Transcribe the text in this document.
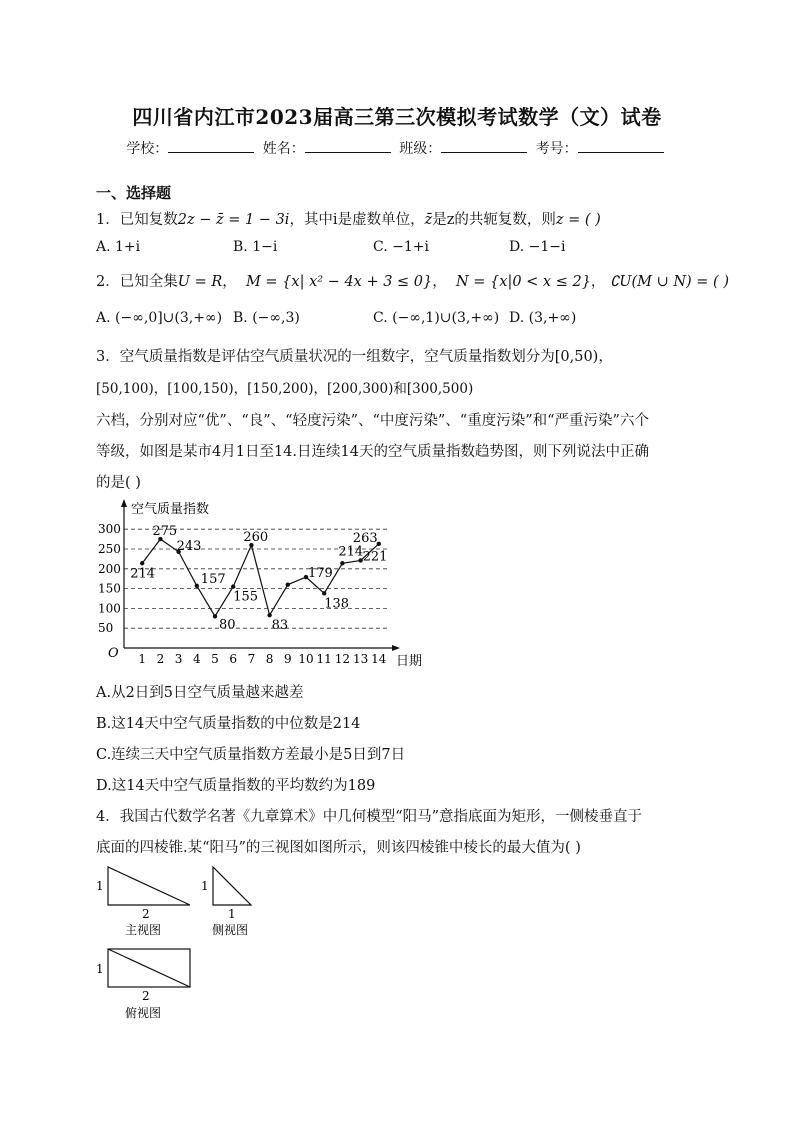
四川省内江市2023届高三第三次模拟考试数学（文）试卷
学校：	姓名：	班级：	考号：
一、选择题
1．已知复数2z − z̄ = 1 − 3i，其中i是虚数单位，z̄是z的共轭复数，则z = ( )
A. 1+i	B. 1−i	C. −1+i	D. −1−i
2．已知全集U = R，  M = {x| x² − 4x + 3 ≤ 0}，  N = {x|0 < x ≤ 2}， ∁U(M ∪ N) = ( )
A. (−∞,0]∪(3,+∞) B. (−∞,3)	C. (−∞,1)∪(3,+∞) D. (3,+∞)
3．空气质量指数是评估空气质量状况的一组数字，空气质量指数划分为[0,50)，
[50,100)，[100,150)，[150,200)，[200,300)和[300,500)
六档，分别对应“优”、“良”、“轻度污染”、“中度污染”、“重度污染”和“严重污染”六个
等级，如图是某市4月1日至14.日连续14天的空气质量指数趋势图，则下列说法中正确
的是( )
50
100
150
200
250
300
1 2 3 4 5 6 7 8 9 10 11 12 13 14
214
275
243
157
80
155
260
83
179
138
214 221
263
空气质量指数
日期
O
A.从2日到5日空气质量越来越差
B.这14天中空气质量指数的中位数是214
C.连续三天中空气质量指数方差最小是5日到7日
D.这14天中空气质量指数的平均数约为189
4．我国古代数学名著《九章算术》中几何模型“阳马”意指底面为矩形，一侧棱垂直于
底面的四棱锥.某“阳马”的三视图如图所示，则该四棱锥中棱长的最大值为( )
1
2
主视图
1
1
侧视图
1
2
俯视图
